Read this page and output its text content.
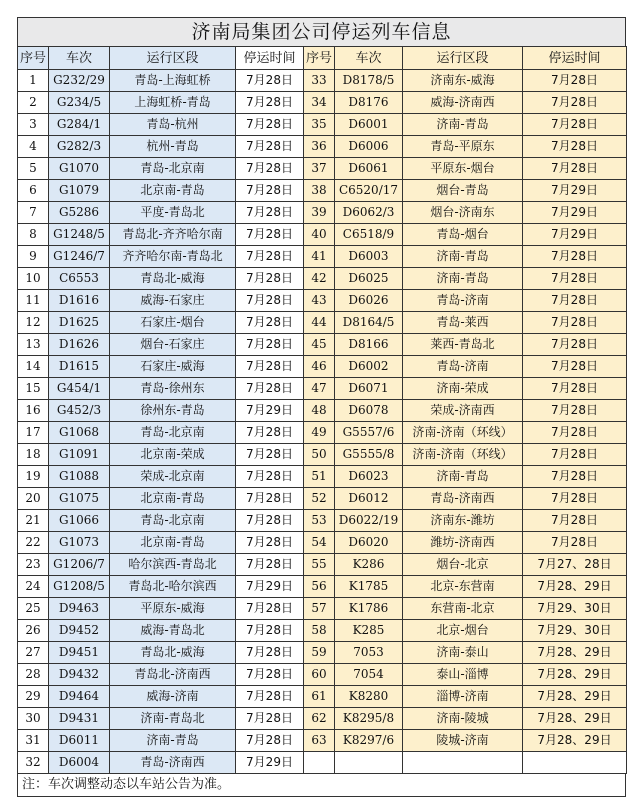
济南局集团公司停运列车信息
序号	车次	运行区段	停运时间	序号	车次	运行区段	停运时间
1	G232/29	青岛-上海虹桥	7月28日	33	D8178/5	济南东-威海	7月28日
2	G234/5	上海虹桥-青岛	7月28日	34	D8176	威海-济南西	7月28日
3	G284/1	青岛-杭州	7月28日	35	D6001	济南-青岛	7月28日
4	G282/3	杭州-青岛	7月28日	36	D6006	青岛-平原东	7月28日
5	G1070	青岛-北京南	7月28日	37	D6061	平原东-烟台	7月28日
6	G1079	北京南-青岛	7月28日	38	C6520/17	烟台-青岛	7月29日
7	G5286	平度-青岛北	7月28日	39	D6062/3	烟台-济南东	7月29日
8	G1248/5	青岛北-齐齐哈尔南	7月28日	40	C6518/9	青岛-烟台	7月29日
9	G1246/7	齐齐哈尔南-青岛北	7月28日	41	D6003	济南-青岛	7月28日
10	C6553	青岛北-威海	7月28日	42	D6025	济南-青岛	7月28日
11	D1616	威海-石家庄	7月28日	43	D6026	青岛-济南	7月28日
12	D1625	石家庄-烟台	7月28日	44	D8164/5	青岛-莱西	7月28日
13	D1626	烟台-石家庄	7月28日	45	D8166	莱西-青岛北	7月28日
14	D1615	石家庄-威海	7月28日	46	D6002	青岛-济南	7月28日
15	G454/1	青岛-徐州东	7月28日	47	D6071	济南-荣成	7月28日
16	G452/3	徐州东-青岛	7月29日	48	D6078	荣成-济南西	7月28日
17	G1068	青岛-北京南	7月28日	49	G5557/6	济南-济南（环线）	7月28日
18	G1091	北京南-荣成	7月28日	50	G5555/8	济南-济南（环线）	7月28日
19	G1088	荣成-北京南	7月28日	51	D6023	济南-青岛	7月28日
20	G1075	北京南-青岛	7月28日	52	D6012	青岛-济南西	7月28日
21	G1066	青岛-北京南	7月28日	53	D6022/19	济南东-潍坊	7月28日
22	G1073	北京南-青岛	7月28日	54	D6020	潍坊-济南西	7月28日
23	G1206/7	哈尔滨西-青岛北	7月28日	55	K286	烟台-北京	7月27、28日
24	G1208/5	青岛北-哈尔滨西	7月29日	56	K1785	北京-东营南	7月28、29日
25	D9463	平原东-威海	7月28日	57	K1786	东营南-北京	7月29、30日
26	D9452	威海-青岛北	7月28日	58	K285	北京-烟台	7月29、30日
27	D9451	青岛北-威海	7月28日	59	7053	济南-泰山	7月28、29日
28	D9432	青岛北-济南西	7月28日	60	7054	泰山-淄博	7月28、29日
29	D9464	威海-济南	7月28日	61	K8280	淄博-济南	7月28、29日
30	D9431	济南-青岛北	7月28日	62	K8295/8	济南-陵城	7月28、29日
31	D6011	济南-青岛	7月28日	63	K8297/6	陵城-济南	7月28、29日
32	D6004	青岛-济南西	7月29日				
注：车次调整动态以车站公告为准。
